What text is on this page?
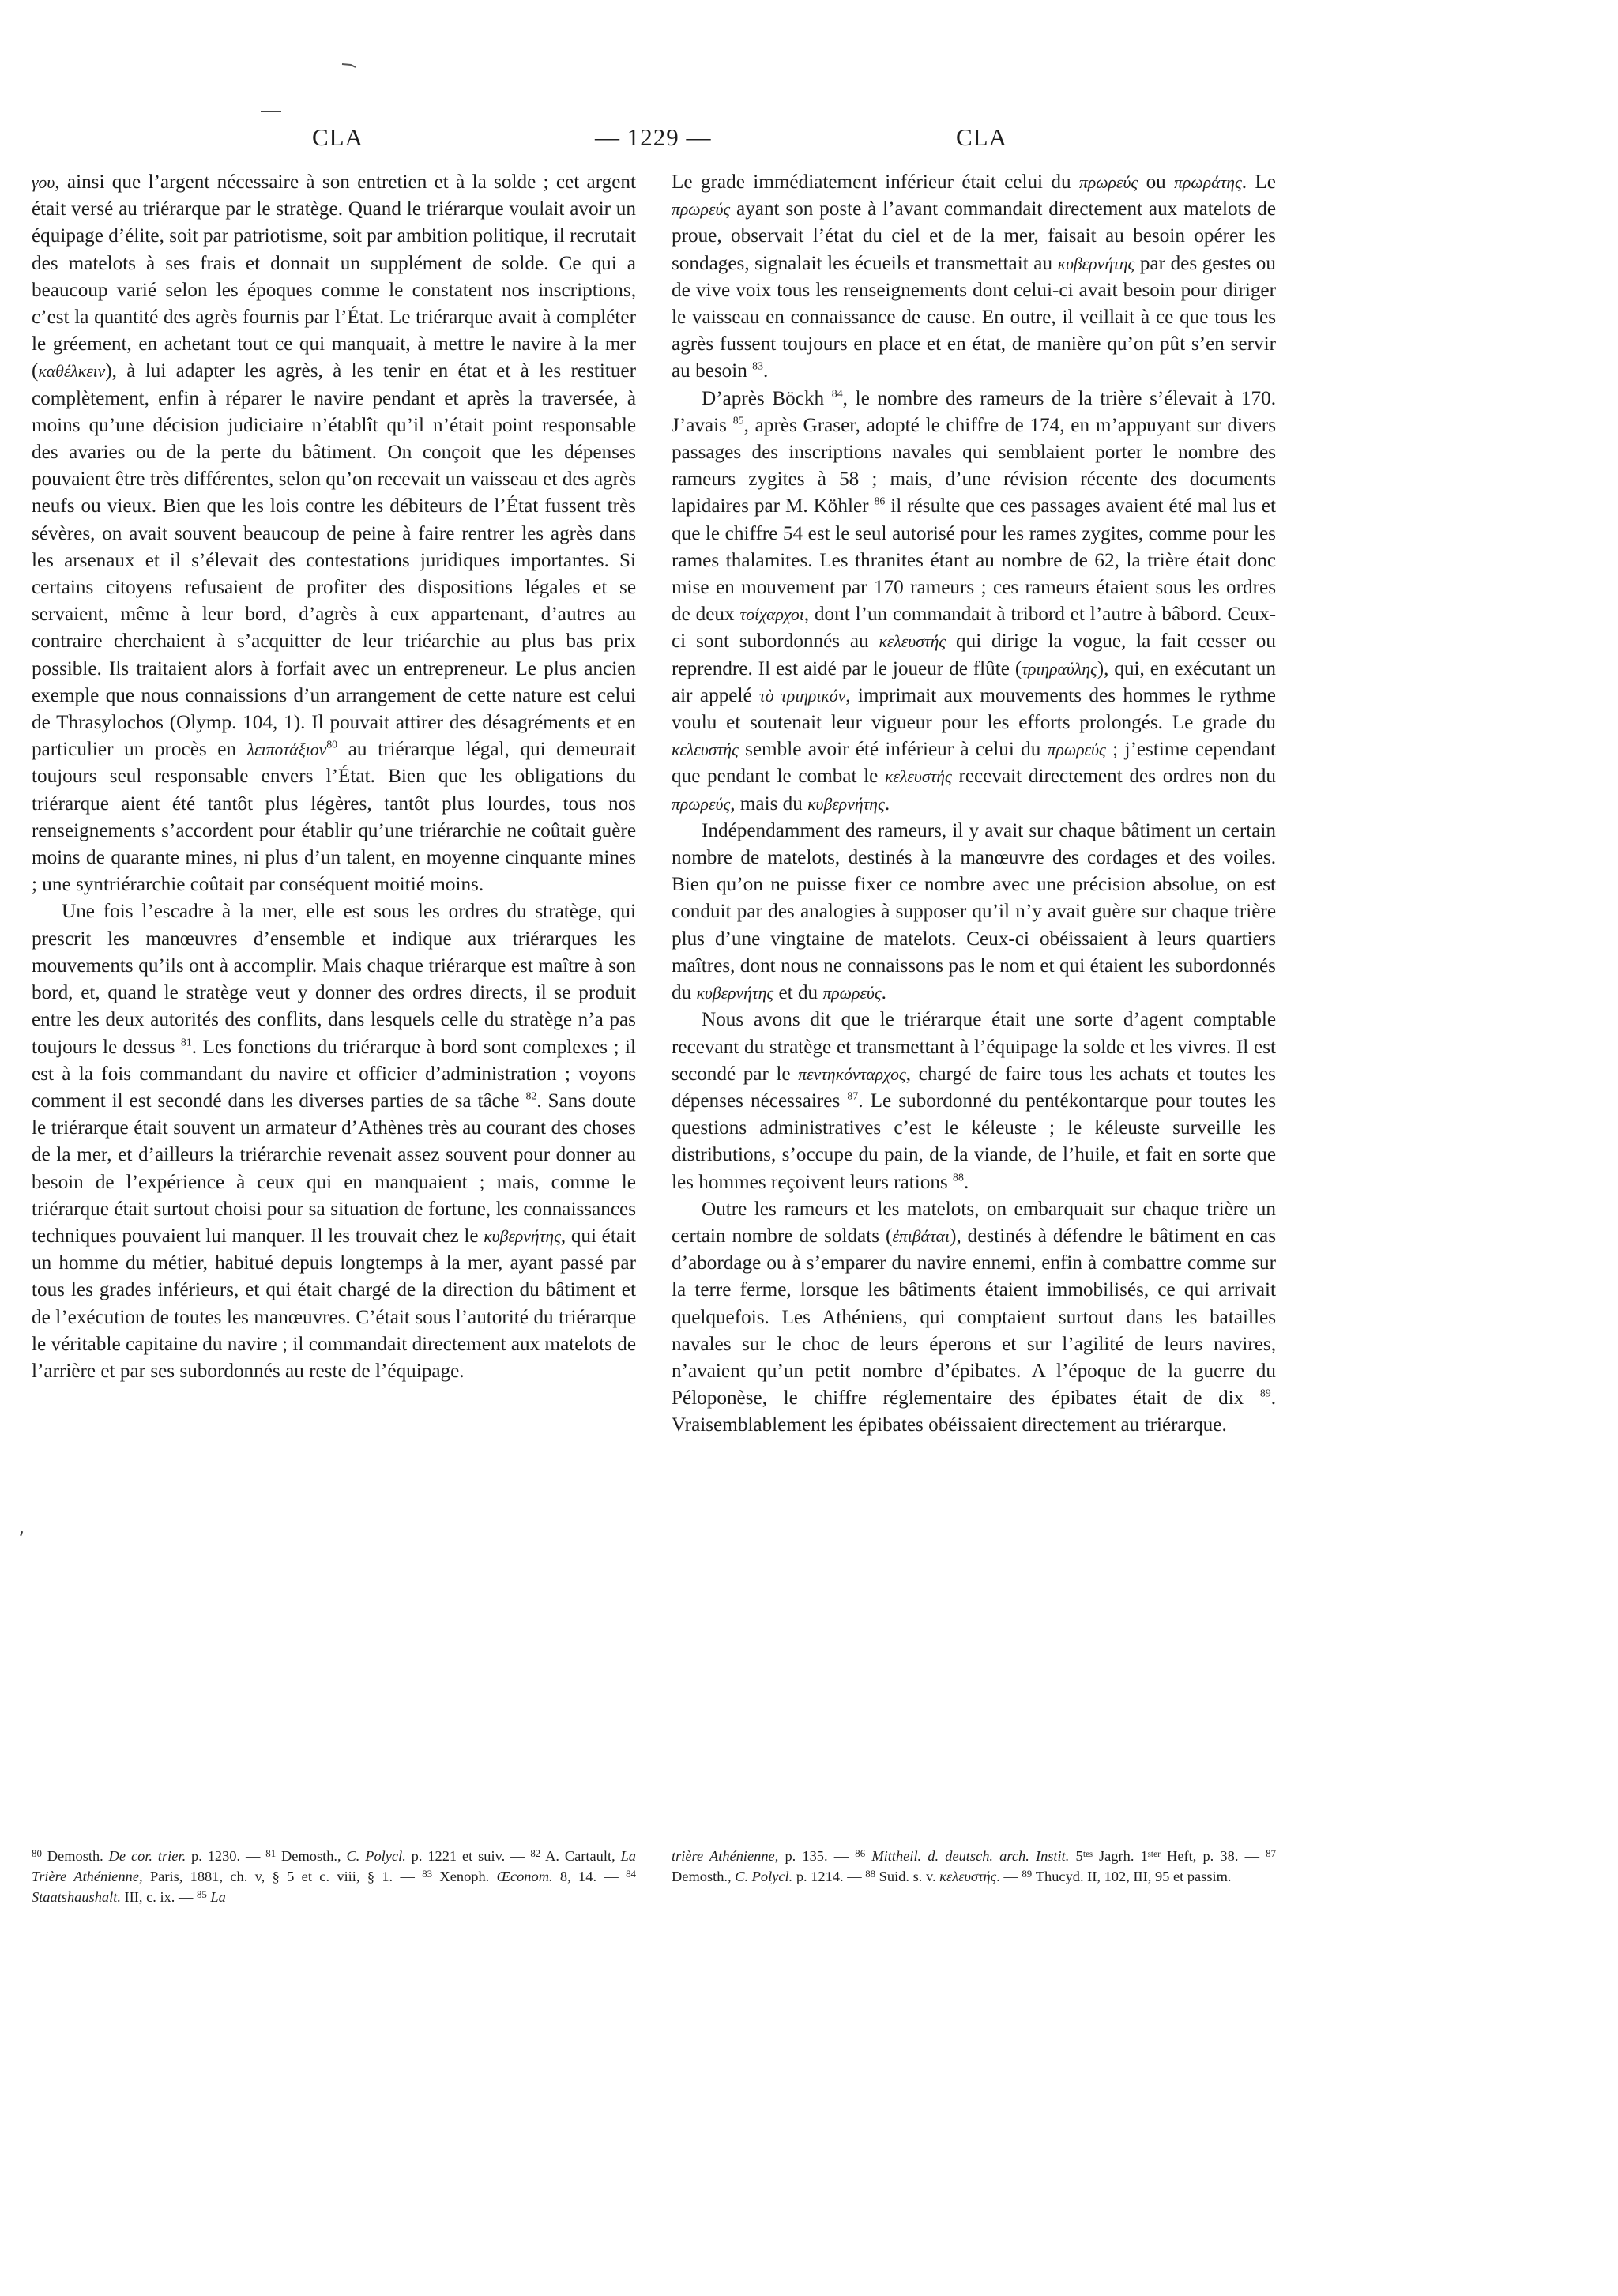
CLA	— 1229 —	CLA

γου, ainsi que l’argent nécessaire à son entretien et à la solde ; cet argent était versé au triérarque par le stratège. Quand le triérarque voulait avoir un équipage d’élite, soit par patriotisme, soit par ambition politique, il recrutait des matelots à ses frais et donnait un supplément de solde. Ce qui a beaucoup varié selon les époques comme le constatent nos inscriptions, c’est la quantité des agrès fournis par l’État. Le triérarque avait à compléter le gréement, en achetant tout ce qui manquait, à mettre le navire à la mer (καθέλκειν), à lui adapter les agrès, à les tenir en état et à les restituer complètement, enfin à réparer le navire pendant et après la traversée, à moins qu’une décision judiciaire n’établît qu’il n’était point responsable des avaries ou de la perte du bâtiment. On conçoit que les dépenses pouvaient être très différentes, selon qu’on recevait un vaisseau et des agrès neufs ou vieux. Bien que les lois contre les débiteurs de l’État fussent très sévères, on avait souvent beaucoup de peine à faire rentrer les agrès dans les arsenaux et il s’élevait des contestations juridiques importantes. Si certains citoyens refusaient de profiter des dispositions légales et se servaient, même à leur bord, d’agrès à eux appartenant, d’autres au contraire cherchaient à s’acquitter de leur triéarchie au plus bas prix possible. Ils traitaient alors à forfait avec un entrepreneur. Le plus ancien exemple que nous connaissions d’un arrangement de cette nature est celui de Thrasylochos (Olymp. 104, 1). Il pouvait attirer des désagréments et en particulier un procès en λειποτάξιον$^{80}$ au triérarque légal, qui demeurait toujours seul responsable envers l’État. Bien que les obligations du triérarque aient été tantôt plus légères, tantôt plus lourdes, tous nos renseignements s’accordent pour établir qu’une triérarchie ne coûtait guère moins de quarante mines, ni plus d’un talent, en moyenne cinquante mines ; une syntriérarchie coûtait par conséquent moitié moins.

Une fois l’escadre à la mer, elle est sous les ordres du stratège, qui prescrit les manœuvres d’ensemble et indique aux triérarques les mouvements qu’ils ont à accomplir. Mais chaque triérarque est maître à son bord, et, quand le stratège veut y donner des ordres directs, il se produit entre les deux autorités des conflits, dans lesquels celle du stratège n’a pas toujours le dessus $^{81}$. Les fonctions du triérarque à bord sont complexes ; il est à la fois commandant du navire et officier d’administration ; voyons comment il est secondé dans les diverses parties de sa tâche $^{82}$. Sans doute le triérarque était souvent un armateur d’Athènes très au courant des choses de la mer, et d’ailleurs la triérarchie revenait assez souvent pour donner au besoin de l’expérience à ceux qui en manquaient ; mais, comme le triérarque était surtout choisi pour sa situation de fortune, les connaissances techniques pouvaient lui manquer. Il les trouvait chez le κυβερνήτης, qui était un homme du métier, habitué depuis longtemps à la mer, ayant passé par tous les grades inférieurs, et qui était chargé de la direction du bâtiment et de l’exécution de toutes les manœuvres. C’était sous l’autorité du triérarque le véritable capitaine du navire ; il commandait directement aux matelots de l’arrière et par ses subordonnés au reste de l’équipage.

Le grade immédiatement inférieur était celui du πρωρεύς ou πρωράτης. Le πρωρεύς ayant son poste à l’avant commandait directement aux matelots de proue, observait l’état du ciel et de la mer, faisait au besoin opérer les sondages, signalait les écueils et transmettait au κυβερνήτης par des gestes ou de vive voix tous les renseignements dont celui-ci avait besoin pour diriger le vaisseau en connaissance de cause. En outre, il veillait à ce que tous les agrès fussent toujours en place et en état, de manière qu’on pût s’en servir au besoin $^{83}$.

D’après Böckh $^{84}$, le nombre des rameurs de la trière s’élevait à 170. J’avais $^{85}$, après Graser, adopté le chiffre de 174, en m’appuyant sur divers passages des inscriptions navales qui semblaient porter le nombre des rameurs zygites à 58 ; mais, d’une révision récente des documents lapidaires par M. Köhler $^{86}$ il résulte que ces passages avaient été mal lus et que le chiffre 54 est le seul autorisé pour les rames zygites, comme pour les rames thalamites. Les thranites étant au nombre de 62, la trière était donc mise en mouvement par 170 rameurs ; ces rameurs étaient sous les ordres de deux τοίχαρχοι, dont l’un commandait à tribord et l’autre à bâbord. Ceux-ci sont subordonnés au κελευστής qui dirige la vogue, la fait cesser ou reprendre. Il est aidé par le joueur de flûte (τριηραύλης), qui, en exécutant un air appelé τὸ τριηρικόν, imprimait aux mouvements des hommes le rythme voulu et soutenait leur vigueur pour les efforts prolongés. Le grade du κελευστής semble avoir été inférieur à celui du πρωρεύς ; j’estime cependant que pendant le combat le κελευστής recevait directement des ordres non du πρωρεύς, mais du κυβερνήτης.

Indépendamment des rameurs, il y avait sur chaque bâtiment un certain nombre de matelots, destinés à la manœuvre des cordages et des voiles. Bien qu’on ne puisse fixer ce nombre avec une précision absolue, on est conduit par des analogies à supposer qu’il n’y avait guère sur chaque trière plus d’une vingtaine de matelots. Ceux-ci obéissaient à leurs quartiers maîtres, dont nous ne connaissons pas le nom et qui étaient les subordonnés du κυβερνήτης et du πρωρεύς.

Nous avons dit que le triérarque était une sorte d’agent comptable recevant du stratège et transmettant à l’équipage la solde et les vivres. Il est secondé par le πεντηκόνταρχος, chargé de faire tous les achats et toutes les dépenses nécessaires $^{87}$. Le subordonné du pentékontarque pour toutes les questions administratives c’est le kéleuste ; le kéleuste surveille les distributions, s’occupe du pain, de la viande, de l’huile, et fait en sorte que les hommes reçoivent leurs rations $^{88}$.

Outre les rameurs et les matelots, on embarquait sur chaque trière un certain nombre de soldats (ἐπιβάται), destinés à défendre le bâtiment en cas d’abordage ou à s’emparer du navire ennemi, enfin à combattre comme sur la terre ferme, lorsque les bâtiments étaient immobilisés, ce qui arrivait quelquefois. Les Athéniens, qui comptaient surtout dans les batailles navales sur le choc de leurs éperons et sur l’agilité de leurs navires, n’avaient qu’un petit nombre d’épibates. A l’époque de la guerre du Péloponèse, le chiffre réglementaire des épibates était de dix $^{89}$. Vraisemblablement les épibates obéissaient directement au triérarque.

$^{80}$ Demosth. De cor. trier. p. 1230. — $^{81}$ Demosth., C. Polycl. p. 1221 et suiv. — $^{82}$ A. Cartault, La Trière Athénienne, Paris, 1881, ch. v, § 5 et c. viii, § 1. — $^{83}$ Xenoph. Œconom. 8, 14. — $^{84}$ Staatshaushalt. III, c. ix. — $^{85}$ La
trière Athénienne, p. 135. — $^{86}$ Mittheil. d. deutsch. arch. Instit. 5ᵗᵉˢ Jagrh. 1ˢᵗᵉʳ Heft, p. 38. — $^{87}$ Demosth., C. Polycl. p. 1214. — $^{88}$ Suid. s. v. κελευστής. — $^{89}$ Thucyd. II, 102, III, 95 et passim.
